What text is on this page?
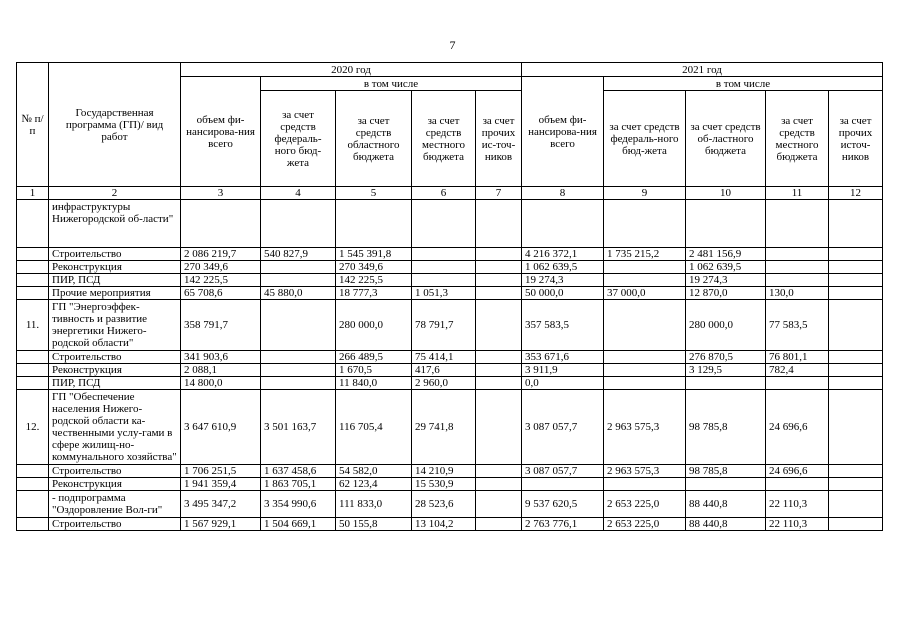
7
№ п/п	Государственная программа (ГП)/ вид работ	2020 год					2021 год				
		объем фи-нансирова-ния всего	в том числе				объем фи-нансирова-ния всего	в том числе			
			за счет средств федераль-ного бюд-жета	за счет средств областного бюджета	за счет средств местного бюджета	за счет прочих ис-точ-ников		за счет средств федераль-ного бюд-жета	за счет средств об-ластного бюджета	за счет средств местного бюджета	за счет прочих источ-ников
1	2	3	4	5	6	7	8	9	10	11	12
	инфраструктуры Нижегородской об-ласти"										
	Строительство	2 086 219,7	540 827,9	1 545 391,8			4 216 372,1	1 735 215,2	2 481 156,9		
	Реконструкция	270 349,6		270 349,6			1 062 639,5		1 062 639,5		
	ПИР, ПСД	142 225,5		142 225,5			19 274,3		19 274,3		
	Прочие мероприятия	65 708,6	45 880,0	18 777,3	1 051,3		50 000,0	37 000,0	12 870,0	130,0	
11.	ГП "Энергоэффек-тивность и развитие энергетики Нижего-родской области"	358 791,7		280 000,0	78 791,7		357 583,5		280 000,0	77 583,5	
	Строительство	341 903,6		266 489,5	75 414,1		353 671,6		276 870,5	76 801,1	
	Реконструкция	2 088,1		1 670,5	417,6		3 911,9		3 129,5	782,4	
	ПИР, ПСД	14 800,0		11 840,0	2 960,0		0,0				
12.	ГП "Обеспечение населения Нижего-родской области ка-чественными услу-гами в сфере жилищ-но-коммунального хозяйства"	3 647 610,9	3 501 163,7	116 705,4	29 741,8		3 087 057,7	2 963 575,3	98 785,8	24 696,6	
	Строительство	1 706 251,5	1 637 458,6	54 582,0	14 210,9		3 087 057,7	2 963 575,3	98 785,8	24 696,6	
	Реконструкция	1 941 359,4	1 863 705,1	62 123,4	15 530,9						
	- подпрограмма "Оздоровление Вол-ги"	3 495 347,2	3 354 990,6	111 833,0	28 523,6		9 537 620,5	2 653 225,0	88 440,8	22 110,3	
	Строительство	1 567 929,1	1 504 669,1	50 155,8	13 104,2		2 763 776,1	2 653 225,0	88 440,8	22 110,3	
